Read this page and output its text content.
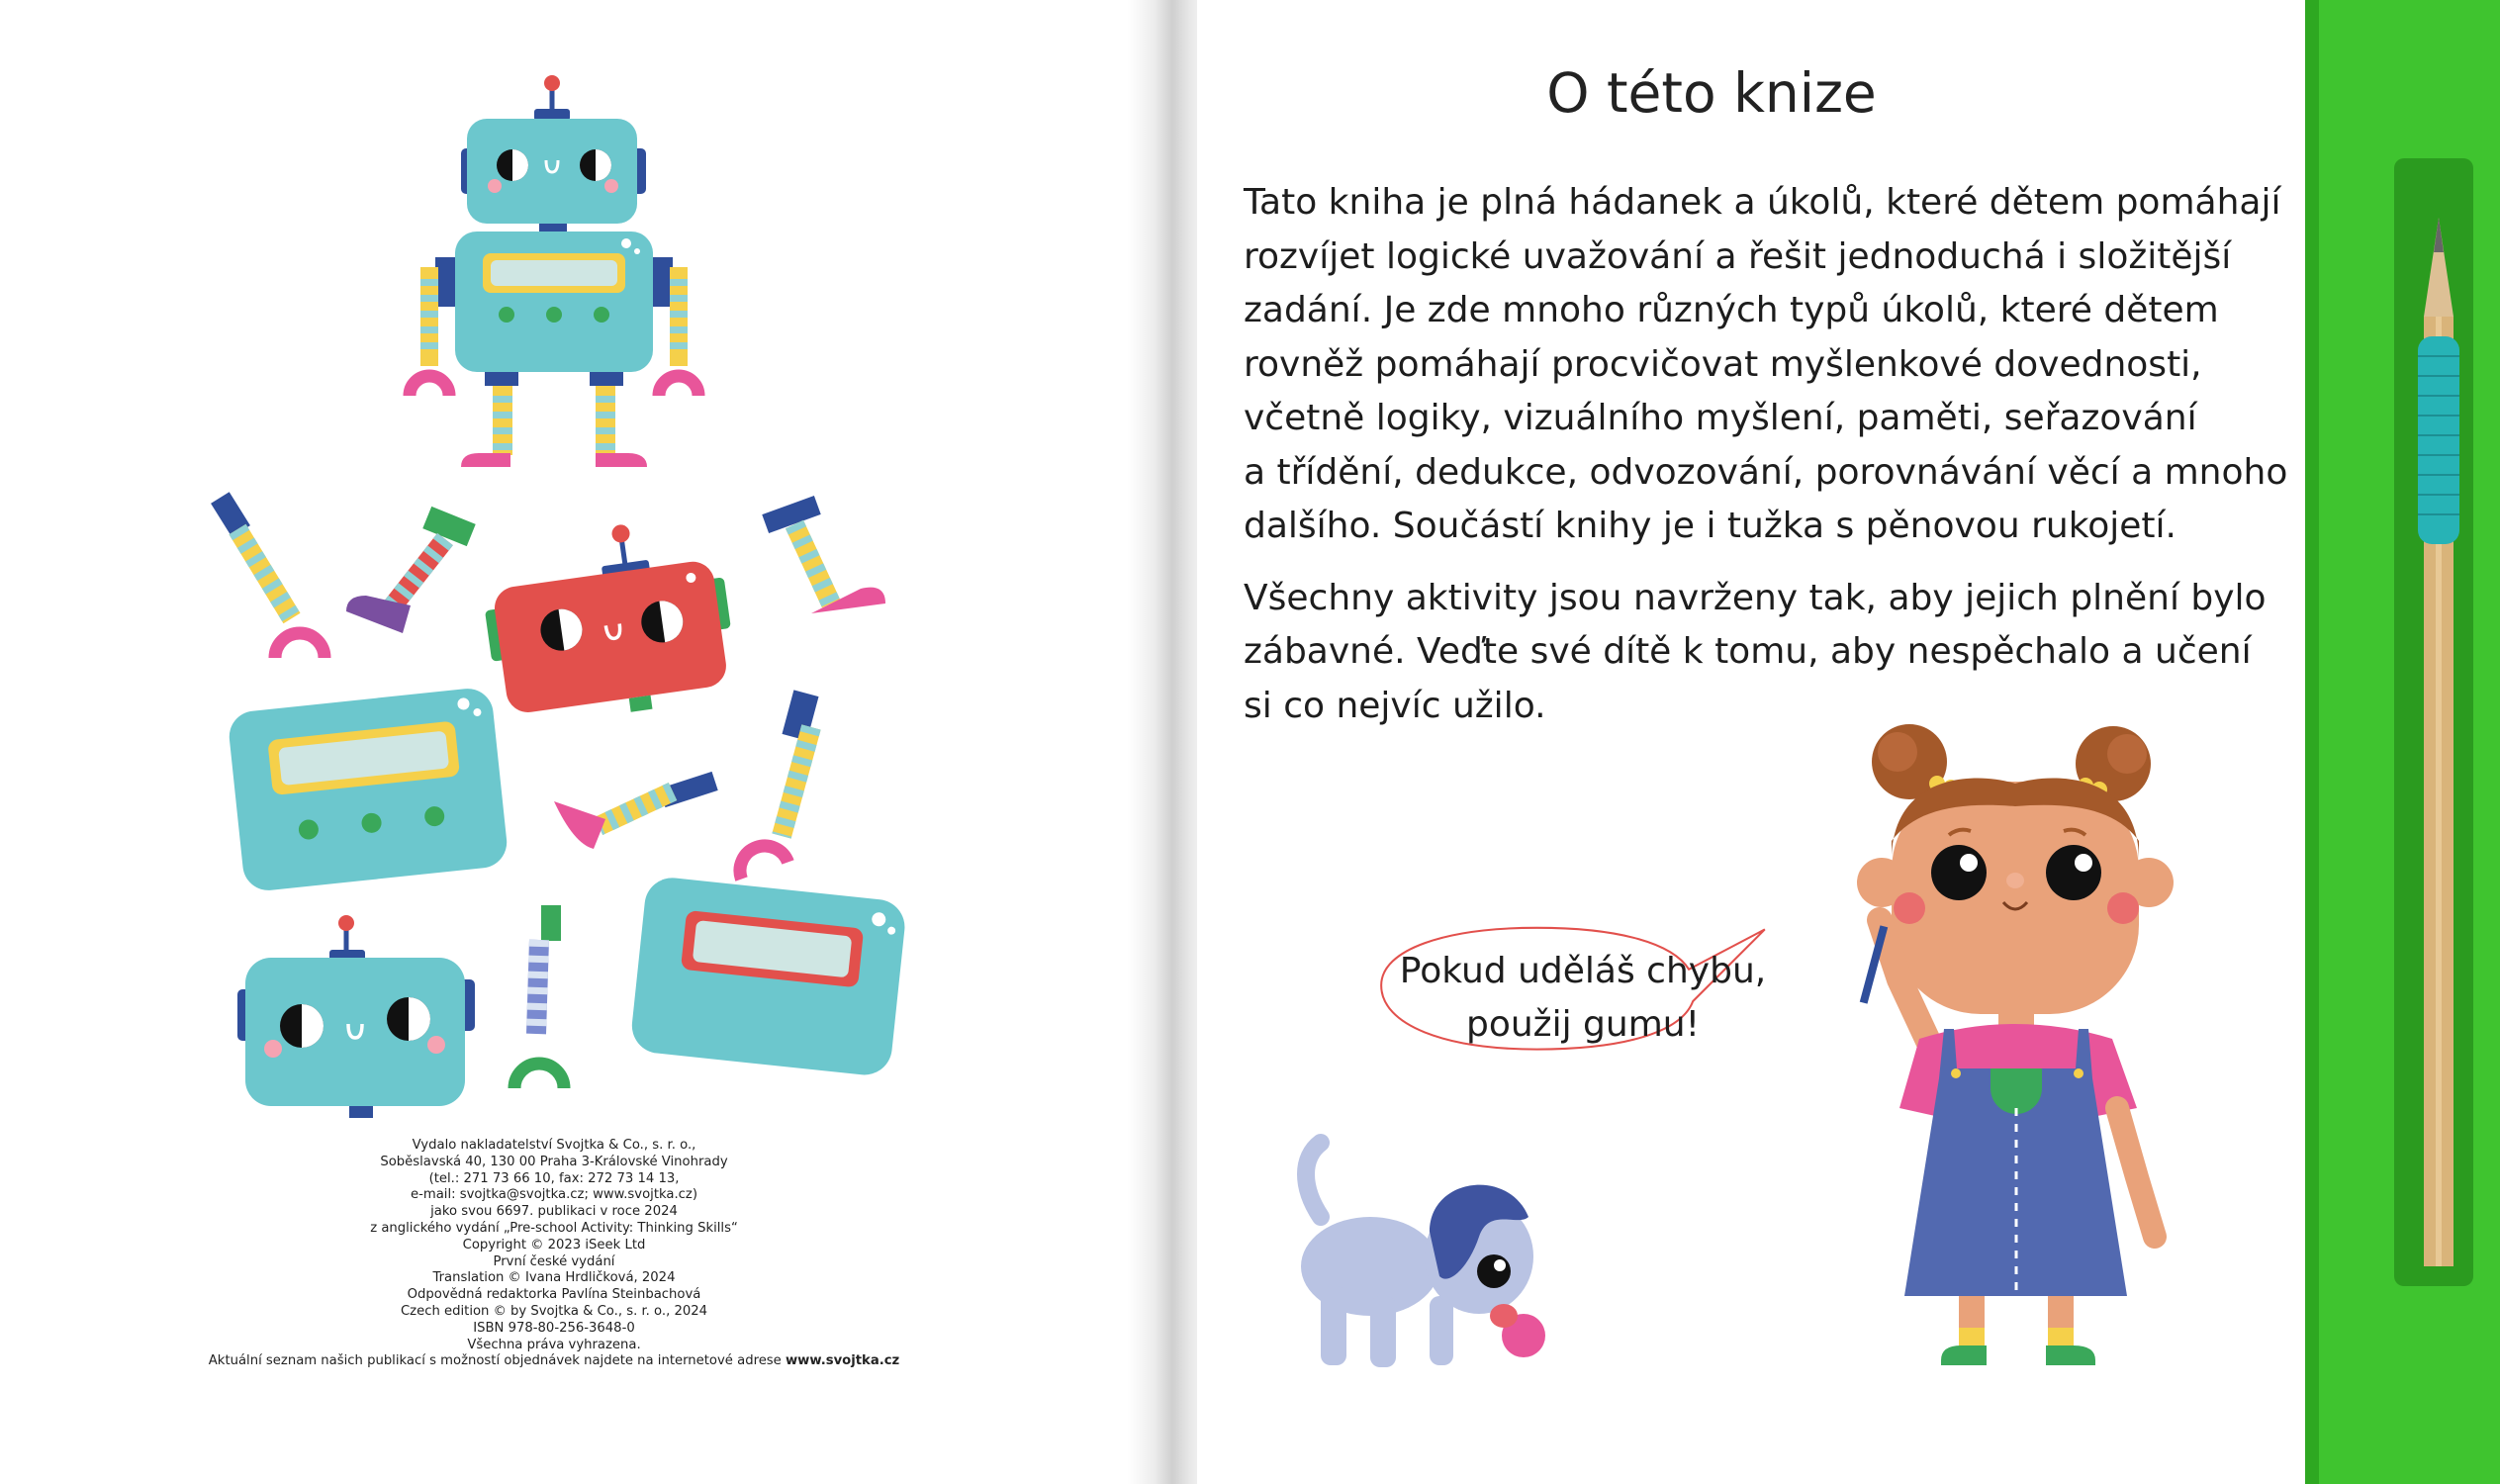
Vydalo nakladatelství Svojtka & Co., s. r. o.,
Soběslavská 40, 130 00 Praha 3-Královské Vinohrady
(tel.: 271 73 66 10, fax: 272 73 14 13,
e-mail: svojtka@svojtka.cz; www.svojtka.cz)
jako svou 6697. publikaci v roce 2024
z anglického vydání „Pre-school Activity: Thinking Skills“
Copyright © 2023 iSeek Ltd
První české vydání
Translation © Ivana Hrdličková, 2024
Odpovědná redaktorka Pavlína Steinbachová
Czech edition © by Svojtka & Co., s. r. o., 2024
ISBN 978-80-256-3648-0
Všechna práva vyhrazena.
Aktuální seznam našich publikací s možností objednávek najdete na internetové adrese www.svojtka.cz
O této knize
Tato kniha je plná hádanek a úkolů, které dětem pomáhají
rozvíjet logické uvažování a řešit jednoduchá i složitější
zadání. Je zde mnoho různých typů úkolů, které dětem
rovněž pomáhají procvičovat myšlenkové dovednosti,
včetně logiky, vizuálního myšlení, paměti, seřazování
a třídění, dedukce, odvozování, porovnávání věcí a mnoho
dalšího. Součástí knihy je i tužka s pěnovou rukojetí.
Všechny aktivity jsou navrženy tak, aby jejich plnění bylo
zábavné. Veďte své dítě k tomu, aby nespěchalo a učení
si co nejvíc užilo.
Pokud uděláš chybu,
použij gumu!
